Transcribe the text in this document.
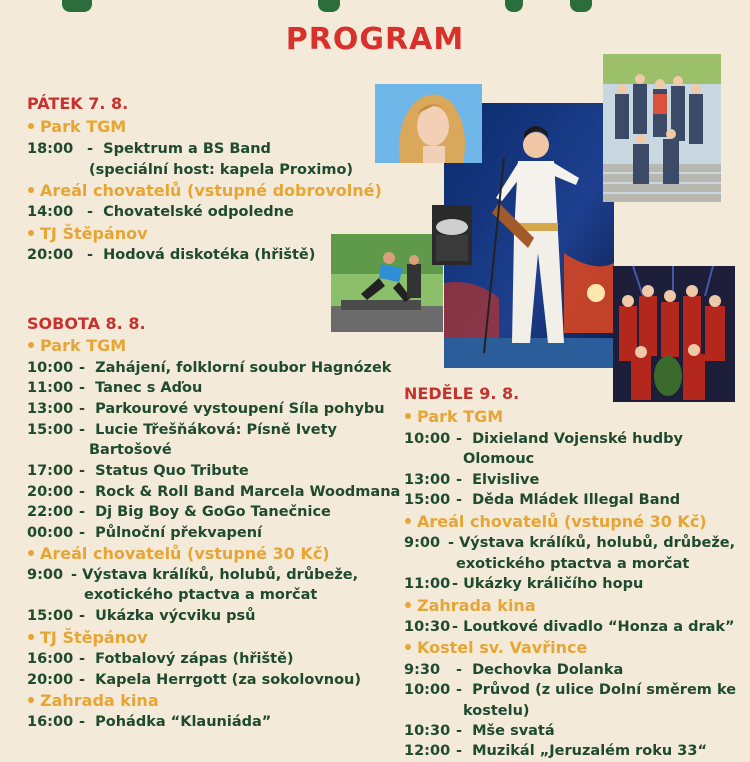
PROGRAM
PÁTEK 7. 8.
Park TGM
18:00 -  Spektrum a BS Band
(speciální host: kapela Proximo)
Areál chovatelů (vstupné dobrovolné)
14:00 -  Chovatelské odpoledne
TJ Štěpánov
20:00 -  Hodová diskotéka (hřiště)
SOBOTA 8. 8.
Park TGM
10:00 -  Zahájení, folklorní soubor Hagnózek
11:00 -  Tanec s Aďou
13:00 -  Parkourové vystoupení Síla pohybu
15:00 -  Lucie Třešňáková: Písně Ivety
Bartošové
17:00 -  Status Quo Tribute
20:00 -  Rock & Roll Band Marcela Woodmana
22:00 -  Dj Big Boy & GoGo Tanečnice
00:00 -  Půlnoční překvapení
Areál chovatelů (vstupné 30 Kč)
9:00 - Výstava králíků, holubů, drůbeže,
exotického ptactva a morčat
15:00 -  Ukázka výcviku psů
TJ Štěpánov
16:00 -  Fotbalový zápas (hřiště)
20:00 -  Kapela Herrgott (za sokolovnou)
Zahrada kina
16:00 -  Pohádka “Klauniáda”
NEDĚLE 9. 8.
Park TGM
10:00 -  Dixieland Vojenské hudby
Olomouc
13:00 -  Elvislive
15:00 -  Děda Mládek Illegal Band
Areál chovatelů (vstupné 30 Kč)
9:00 - Výstava králíků, holubů, drůbeže,
exotického ptactva a morčat
11:00 - Ukázky králičího hopu
Zahrada kina
10:30 - Loutkové divadlo “Honza a drak”
Kostel sv. Vavřince
9:30 -  Dechovka Dolanka
10:00 -  Průvod (z ulice Dolní směrem ke
kostelu)
10:30 -  Mše svatá
12:00 -  Muzikál „Jeruzalém roku 33“
